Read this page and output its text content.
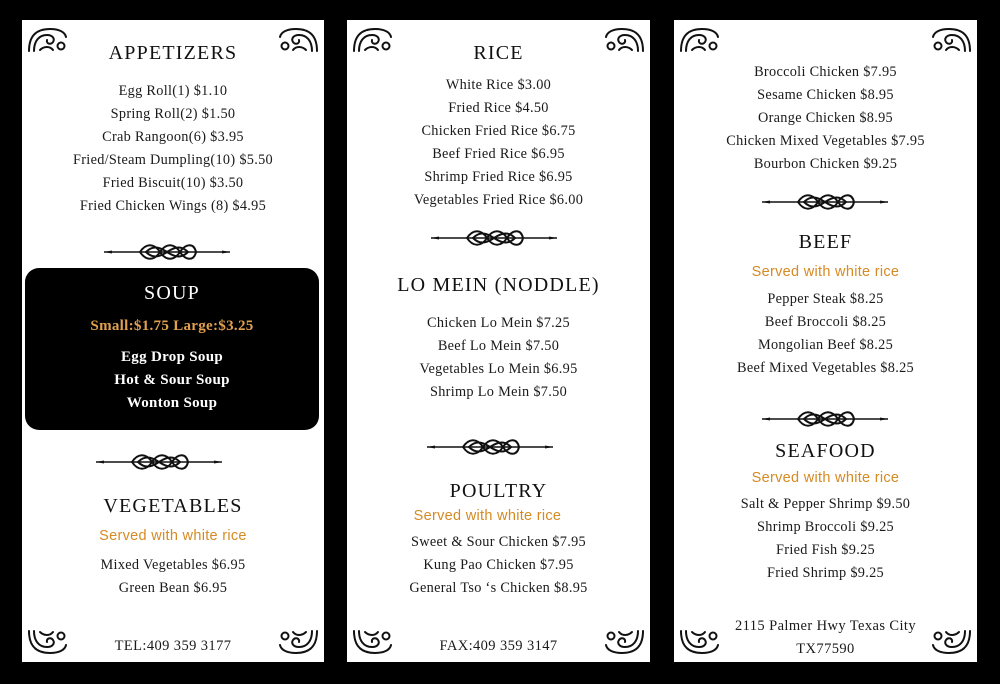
APPETIZERS

Egg Roll(1) $1.10

Spring Roll(2) $1.50

Crab Rangoon(6) $3.95

Fried/Steam Dumpling(10) $5.50

Fried Biscuit(10) $3.50

Fried Chicken Wings (8) $4.95

SOUP

Small:$1.75 Large:$3.25

Egg Drop Soup

Hot & Sour Soup

Wonton Soup

VEGETABLES

Served with white rice

Mixed Vegetables $6.95

Green Bean $6.95

TEL:409 359 3177

RICE

White Rice $3.00

Fried Rice $4.50

Chicken Fried Rice $6.75

Beef Fried Rice $6.95

Shrimp Fried Rice $6.95

Vegetables Fried Rice $6.00

LO MEIN (NODDLE)

Chicken Lo Mein $7.25

Beef Lo Mein $7.50

Vegetables Lo Mein $6.95

Shrimp Lo Mein $7.50

POULTRY

Served with white rice

Sweet & Sour Chicken $7.95

Kung Pao Chicken $7.95

General Tso ‘s Chicken $8.95

FAX:409 359 3147

Broccoli Chicken $7.95

Sesame Chicken $8.95

Orange Chicken $8.95

Chicken Mixed Vegetables $7.95

Bourbon Chicken $9.25

BEEF

Served with white rice

Pepper Steak $8.25

Beef Broccoli $8.25

Mongolian Beef $8.25

Beef Mixed Vegetables $8.25

SEAFOOD

Served with white rice

Salt & Pepper Shrimp $9.50

Shrimp Broccoli $9.25

Fried Fish $9.25

Fried Shrimp $9.25

2115 Palmer Hwy Texas City

TX77590
